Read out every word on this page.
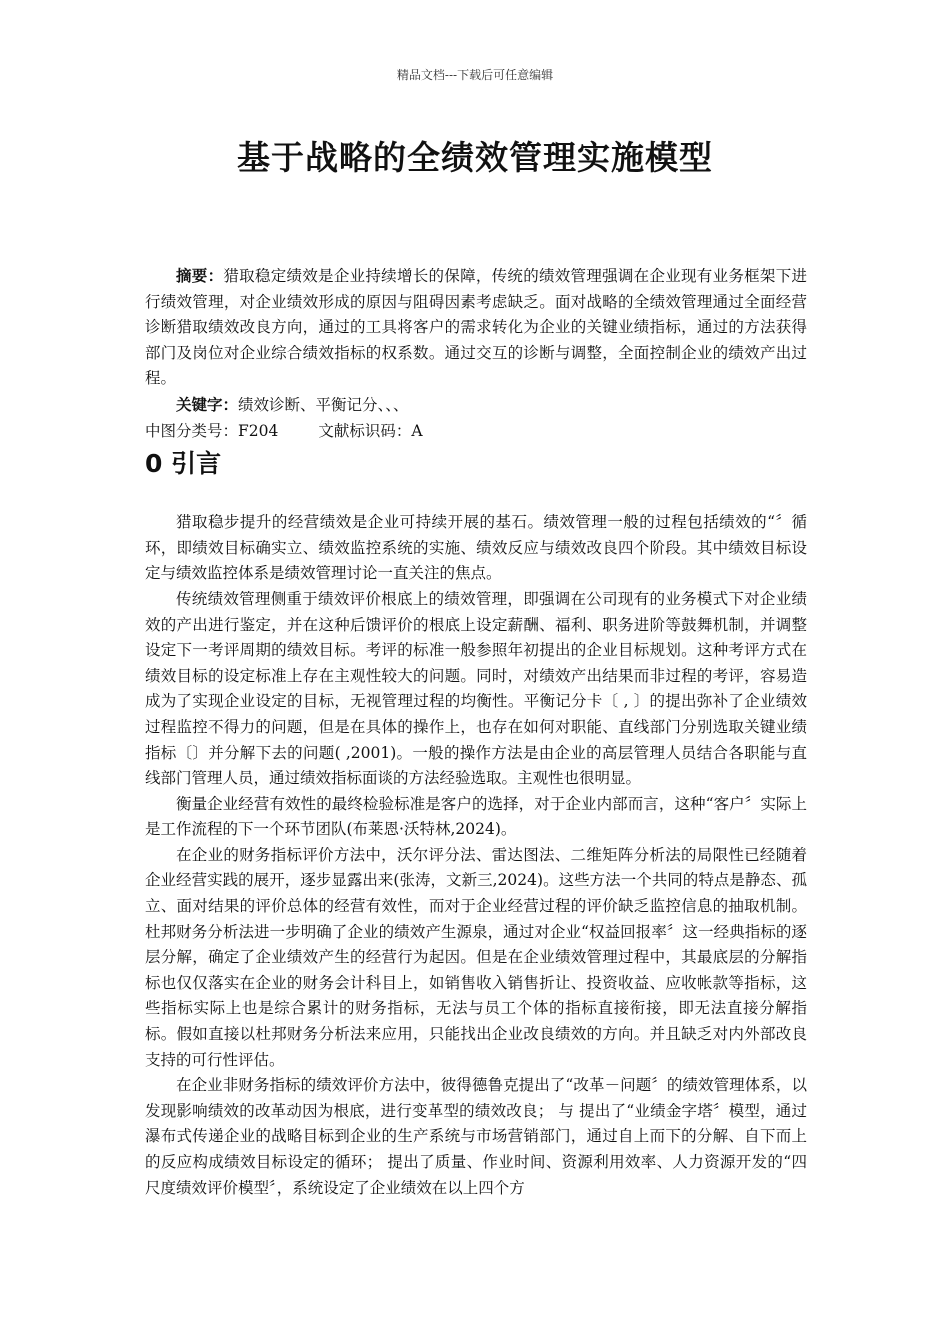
精品文档---下载后可任意编辑
基于战略的全绩效管理实施模型

摘要：猎取稳定绩效是企业持续增长的保障，传统的绩效管理强调在企业现有业务框架下进行绩效管理，对企业绩效形成的原因与阻碍因素考虑缺乏。面对战略的全绩效管理通过全面经营诊断猎取绩效改良方向，通过的工具将客户的需求转化为企业的关键业绩指标，通过的方法获得部门及岗位对企业综合绩效指标的权系数。通过交互的诊断与调整，全面控制企业的绩效产出过程。

关键字：绩效诊断、平衡记分、、、

中图分类号：F204	文献标识码：A

0 引言

猎取稳步提升的经营绩效是企业可持续开展的基石。绩效管理一般的过程包括绩效的“〞循环，即绩效目标确实立、绩效监控系统的实施、绩效反应与绩效改良四个阶段。其中绩效目标设定与绩效监控体系是绩效管理讨论一直关注的焦点。

传统绩效管理侧重于绩效评价根底上的绩效管理，即强调在公司现有的业务模式下对企业绩效的产出进行鉴定，并在这种后馈评价的根底上设定薪酬、福利、职务进阶等鼓舞机制，并调整设定下一考评周期的绩效目标。考评的标准一般参照年初提出的企业目标规划。这种考评方式在绩效目标的设定标准上存在主观性较大的问题。同时，对绩效产出结果而非过程的考评，容易造成为了实现企业设定的目标，无视管理过程的均衡性。平衡记分卡〔 , 〕的提出弥补了企业绩效过程监控不得力的问题，但是在具体的操作上，也存在如何对职能、直线部门分别选取关键业绩指标〔〕并分解下去的问题( ,2001)。一般的操作方法是由企业的高层管理人员结合各职能与直线部门管理人员，通过绩效指标面谈的方法经验选取。主观性也很明显。

衡量企业经营有效性的最终检验标准是客户的选择，对于企业内部而言，这种“客户〞实际上是工作流程的下一个环节团队(布莱恩·沃特林,2024)。

在企业的财务指标评价方法中，沃尔评分法、雷达图法、二维矩阵分析法的局限性已经随着企业经营实践的展开，逐步显露出来(张涛，文新三,2024)。这些方法一个共同的特点是静态、孤立、面对结果的评价总体的经营有效性，而对于企业经营过程的评价缺乏监控信息的抽取机制。杜邦财务分析法进一步明确了企业的绩效产生源泉，通过对企业“权益回报率〞这一经典指标的逐层分解，确定了企业绩效产生的经营行为起因。但是在企业绩效管理过程中，其最底层的分解指标也仅仅落实在企业的财务会计科目上，如销售收入销售折让、投资收益、应收帐款等指标，这些指标实际上也是综合累计的财务指标，无法与员工个体的指标直接衔接，即无法直接分解指标。假如直接以杜邦财务分析法来应用，只能找出企业改良绩效的方向。并且缺乏对内外部改良支持的可行性评估。

在企业非财务指标的绩效评价方法中，彼得德鲁克提出了“改革－问题〞的绩效管理体系，以发现影响绩效的改革动因为根底，进行变革型的绩效改良； 与 提出了“业绩金字塔〞模型，通过瀑布式传递企业的战略目标到企业的生产系统与市场营销部门，通过自上而下的分解、自下而上的反应构成绩效目标设定的循环； 提出了质量、作业时间、资源利用效率、人力资源开发的“四尺度绩效评价模型〞，系统设定了企业绩效在以上四个方
